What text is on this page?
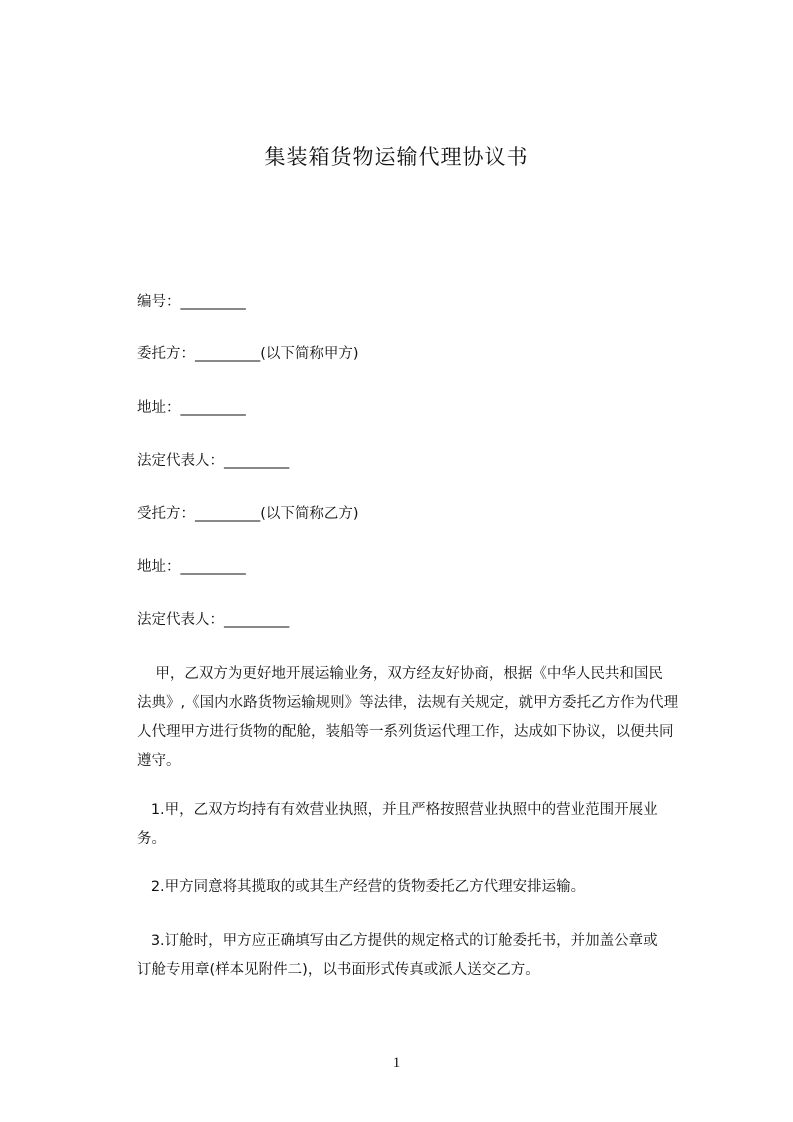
集装箱货物运输代理协议书
编号：_________
委托方：_________(以下简称甲方)
地址：_________
法定代表人：_________
受托方：_________(以下简称乙方)
地址：_________
法定代表人：_________
甲，乙双方为更好地开展运输业务，双方经友好协商，根据《中华人民共和国民
法典》,《国内水路货物运输规则》等法律，法规有关规定，就甲方委托乙方作为代理
人代理甲方进行货物的配舱，装船等一系列货运代理工作，达成如下协议，以便共同
遵守。
1.甲，乙双方均持有有效营业执照，并且严格按照营业执照中的营业范围开展业
务。
2.甲方同意将其揽取的或其生产经营的货物委托乙方代理安排运输。
3.订舱时，甲方应正确填写由乙方提供的规定格式的订舱委托书，并加盖公章或
订舱专用章(样本见附件二)，以书面形式传真或派人送交乙方。
1
